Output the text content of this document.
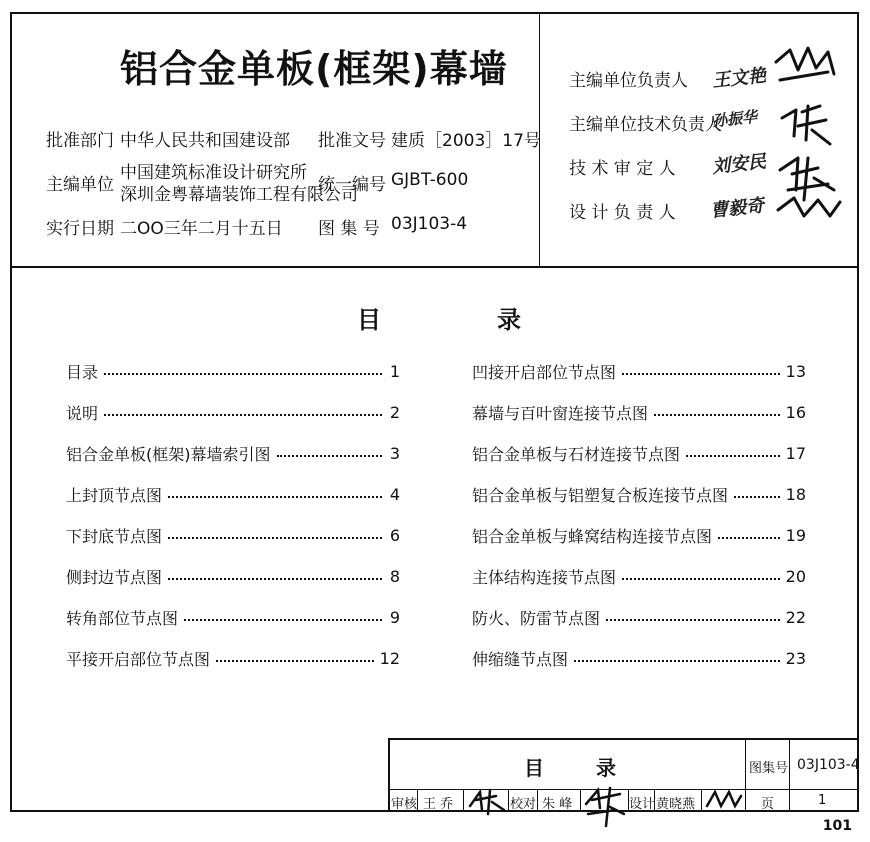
铝合金单板(框架)幕墙
批准部门 中华人民共和国建设部 批准文号 建质［2003］17号
主编单位
中国建筑标准设计研究所
深圳金粤幕墙装饰工程有限公司
统一编号 GJBT-600
实行日期 二OO三年二月十五日 图 集 号 03J103-4
主编单位负责人 王文艳
主编单位技术负责人
孙振华
技 术 审 定 人 刘安民
设 计 负 责 人 曹毅奇
目	录
目录	1
说明	2
铝合金单板(框架)幕墙索引图	3
上封顶节点图	4
下封底节点图	6
侧封边节点图	8
转角部位节点图	9
平接开启部位节点图	12
凹接开启部位节点图	13
幕墙与百叶窗连接节点图	16
铝合金单板与石材连接节点图	17
铝合金单板与铝塑复合板连接节点图	18
铝合金单板与蜂窝结构连接节点图	19
主体结构连接节点图	20
防火、防雷节点图	22
伸缩缝节点图	23
目	录	图集号 03J103-4
审核 王 乔	校对 朱 峰	设计 黄晓燕	页	1
101
